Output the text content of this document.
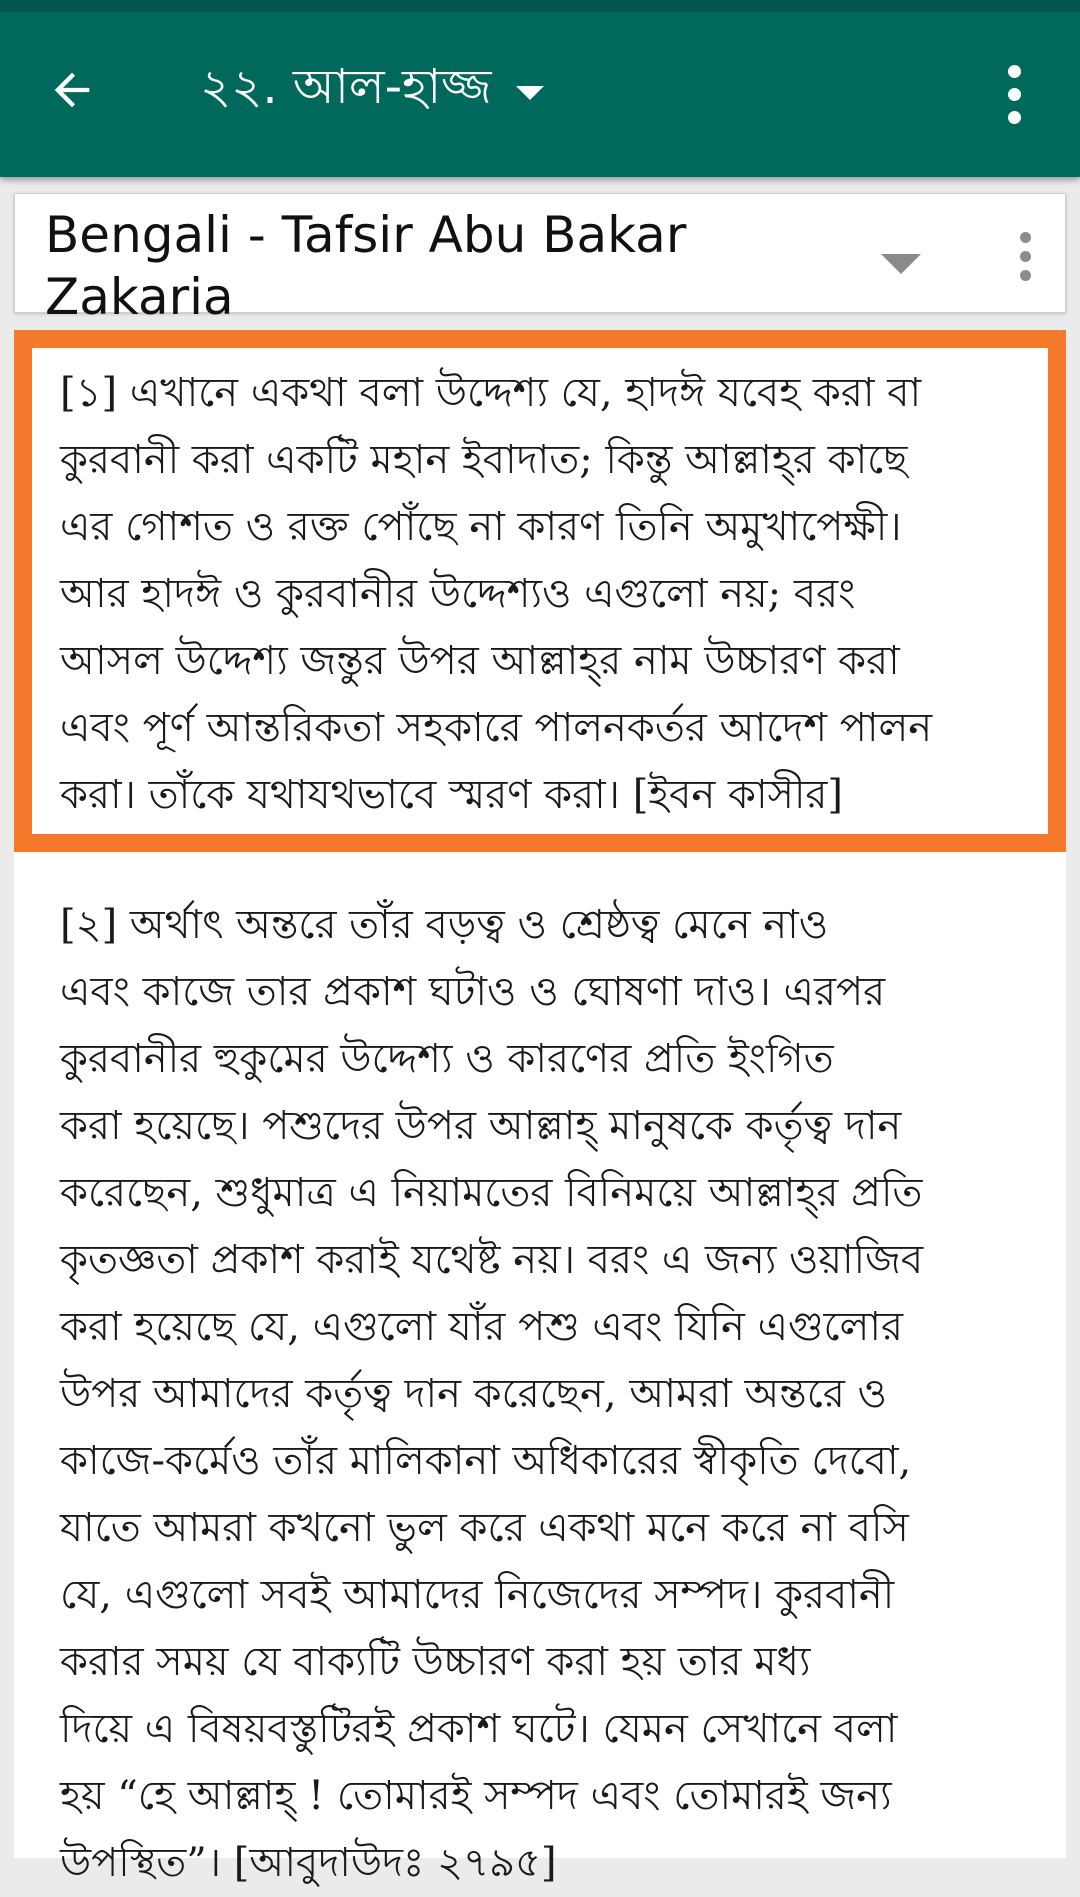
২২. আল-হাজ্জ
Bengali - Tafsir Abu Bakar
Zakaria
[১] এখানে একথা বলা উদ্দেশ্য যে, হাদঈ যবেহ করা বা
কুরবানী করা একটি মহান ইবাদাত; কিন্তু আল্লাহ্‌র কাছে
এর গোশত ও রক্ত পোঁছে না কারণ তিনি অমুখাপেক্ষী।
আর হাদঈ ও কুরবানীর উদ্দেশ্যও এগুলো নয়; বরং
আসল উদ্দেশ্য জন্তুর উপর আল্লাহ্‌র নাম উচ্চারণ করা
এবং পূর্ণ আন্তরিকতা সহকারে পালনকর্তর আদেশ পালন
করা। তাঁকে যথাযথভাবে স্মরণ করা। [ইবন কাসীর]
[২] অর্থাৎ অন্তরে তাঁর বড়ত্ব ও শ্রেষ্ঠত্ব মেনে নাও
এবং কাজে তার প্রকাশ ঘটাও ও ঘোষণা দাও। এরপর
কুরবানীর হুকুমের উদ্দেশ্য ও কারণের প্রতি ইংগিত
করা হয়েছে। পশুদের উপর আল্লাহ্‌ মানুষকে কর্তৃত্ব দান
করেছেন, শুধুমাত্র এ নিয়ামতের বিনিময়ে আল্লাহ্‌র প্রতি
কৃতজ্ঞতা প্রকাশ করাই যথেষ্ট নয়। বরং এ জন্য ওয়াজিব
করা হয়েছে যে, এগুলো যাঁর পশু এবং যিনি এগুলোর
উপর আমাদের কর্তৃত্ব দান করেছেন, আমরা অন্তরে ও
কাজে-কর্মেও তাঁর মালিকানা অধিকারের স্বীকৃতি দেবো,
যাতে আমরা কখনো ভুল করে একথা মনে করে না বসি
যে, এগুলো সবই আমাদের নিজেদের সম্পদ। কুরবানী
করার সময় যে বাক্যটি উচ্চারণ করা হয় তার মধ্য
দিয়ে এ বিষয়বস্তুটিরই প্রকাশ ঘটে। যেমন সেখানে বলা
হয় “হে আল্লাহ্‌ ! তোমারই সম্পদ এবং তোমারই জন্য
উপস্থিত”। [আবুদাউদঃ ২৭৯৫]
